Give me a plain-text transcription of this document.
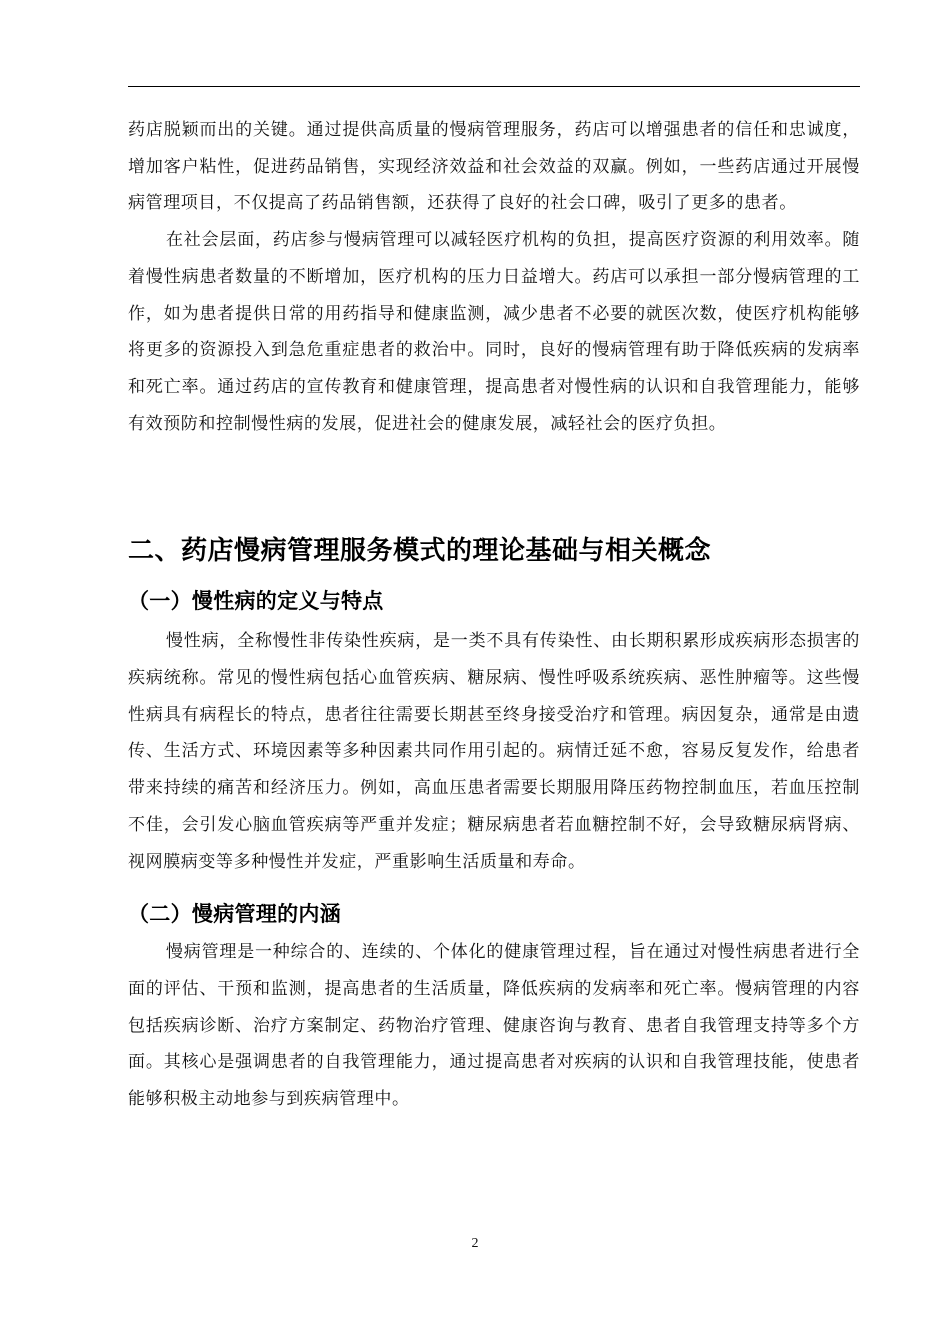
药店脱颖而出的关键。通过提供高质量的慢病管理服务，药店可以增强患者的信任和忠诚度，增加客户粘性，促进药品销售，实现经济效益和社会效益的双赢。例如，一些药店通过开展慢病管理项目，不仅提高了药品销售额，还获得了良好的社会口碑，吸引了更多的患者。

在社会层面，药店参与慢病管理可以减轻医疗机构的负担，提高医疗资源的利用效率。随着慢性病患者数量的不断增加，医疗机构的压力日益增大。药店可以承担一部分慢病管理的工作，如为患者提供日常的用药指导和健康监测，减少患者不必要的就医次数，使医疗机构能够将更多的资源投入到急危重症患者的救治中。同时，良好的慢病管理有助于降低疾病的发病率和死亡率。通过药店的宣传教育和健康管理，提高患者对慢性病的认识和自我管理能力，能够有效预防和控制慢性病的发展，促进社会的健康发展，减轻社会的医疗负担。

二、药店慢病管理服务模式的理论基础与相关概念
（一）慢性病的定义与特点

慢性病，全称慢性非传染性疾病，是一类不具有传染性、由长期积累形成疾病形态损害的疾病统称。常见的慢性病包括心血管疾病、糖尿病、慢性呼吸系统疾病、恶性肿瘤等。这些慢性病具有病程长的特点，患者往往需要长期甚至终身接受治疗和管理。病因复杂，通常是由遗传、生活方式、环境因素等多种因素共同作用引起的。病情迁延不愈，容易反复发作，给患者带来持续的痛苦和经济压力。例如，高血压患者需要长期服用降压药物控制血压，若血压控制不佳，会引发心脑血管疾病等严重并发症；糖尿病患者若血糖控制不好，会导致糖尿病肾病、视网膜病变等多种慢性并发症，严重影响生活质量和寿命。

（二）慢病管理的内涵

慢病管理是一种综合的、连续的、个体化的健康管理过程，旨在通过对慢性病患者进行全面的评估、干预和监测，提高患者的生活质量，降低疾病的发病率和死亡率。慢病管理的内容包括疾病诊断、治疗方案制定、药物治疗管理、健康咨询与教育、患者自我管理支持等多个方面。其核心是强调患者的自我管理能力，通过提高患者对疾病的认识和自我管理技能，使患者能够积极主动地参与到疾病管理中。

2
